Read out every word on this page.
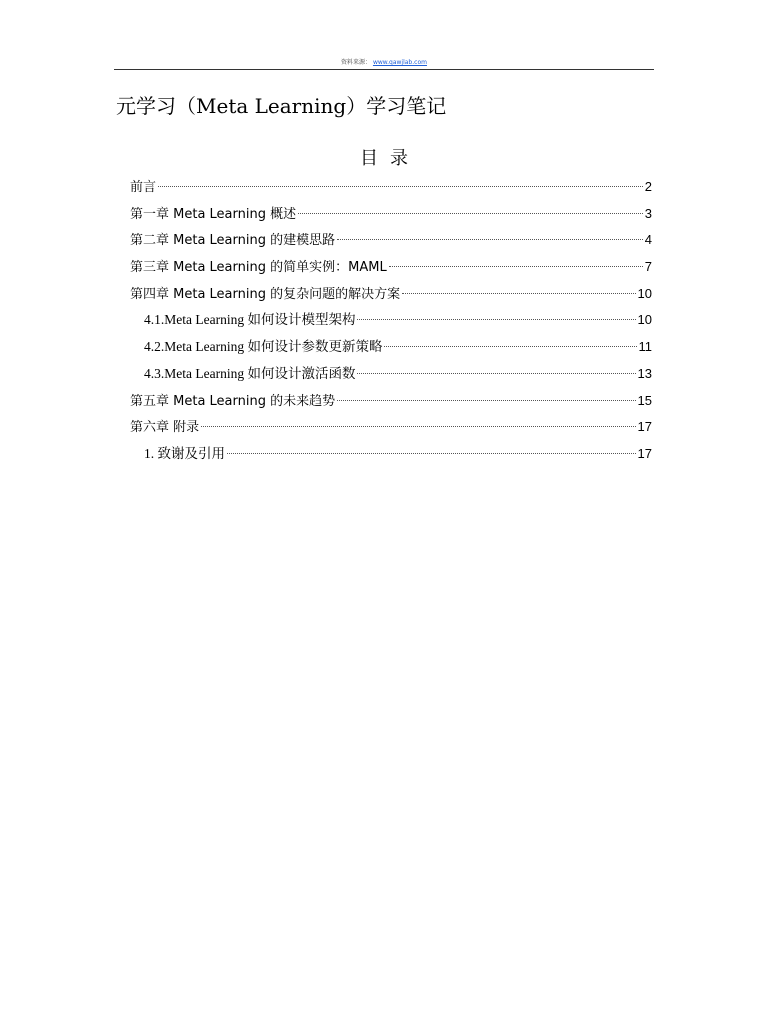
资料来源： www.qawjlab.com
元学习（Meta Learning）学习笔记
目录
前言	2
第一章 Meta Learning 概述	3
第二章 Meta Learning 的建模思路	4
第三章 Meta Learning 的简单实例：MAML	7
第四章 Meta Learning 的复杂问题的解决方案	10
4.1.Meta Learning 如何设计模型架构	10
4.2.Meta Learning 如何设计参数更新策略	11
4.3.Meta Learning 如何设计激活函数	13
第五章 Meta Learning 的未来趋势	15
第六章 附录	17
1. 致谢及引用	17
